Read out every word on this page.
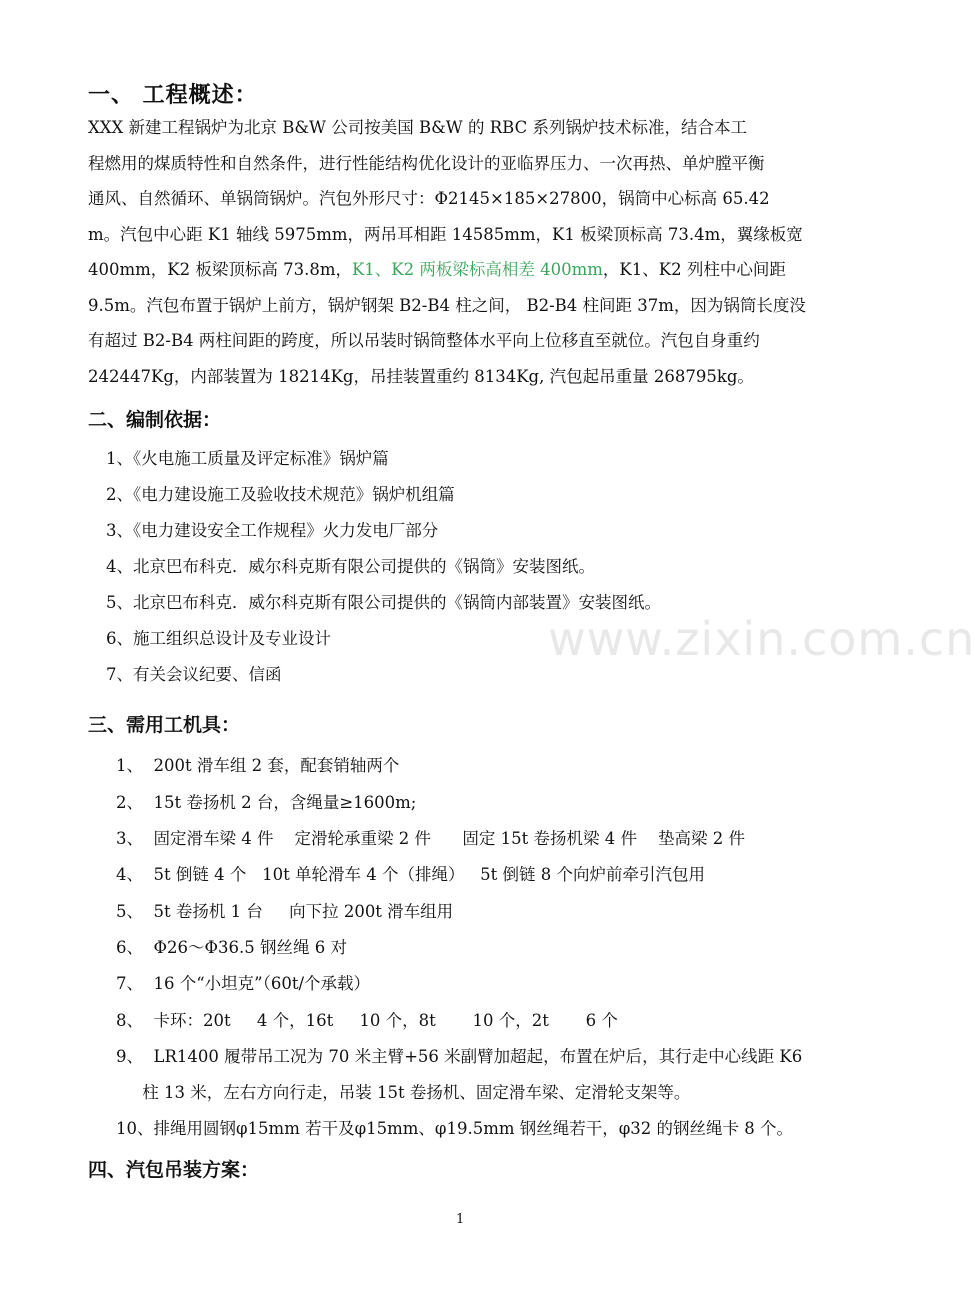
一、 工程概述：
XXX 新建工程锅炉为北京 B&W 公司按美国 B&W 的 RBC 系列锅炉技术标准，结合本工
程燃用的煤质特性和自然条件，进行性能结构优化设计的亚临界压力、一次再热、单炉膛平衡
通风、自然循环、单锅筒锅炉。汽包外形尺寸：Φ2145×185×27800，锅筒中心标高 65.42
m。汽包中心距 K1 轴线 5975mm，两吊耳相距 14585mm，K1 板梁顶标高 73.4m，翼缘板宽
400mm，K2 板梁顶标高 73.8m，K1、K2 两板梁标高相差 400mm，K1、K2 列柱中心间距
9.5m。汽包布置于锅炉上前方，锅炉钢架 B2-B4 柱之间， B2-B4 柱间距 37m，因为锅筒长度没
有超过 B2-B4 两柱间距的跨度，所以吊装时锅筒整体水平向上位移直至就位。汽包自身重约
242447Kg，内部装置为 18214Kg，吊挂装置重约 8134Kg, 汽包起吊重量 268795kg。
二、编制依据：
1、《火电施工质量及评定标准》锅炉篇
2、《电力建设施工及验收技术规范》锅炉机组篇
3、《电力建设安全工作规程》火力发电厂部分
4、北京巴布科克．威尔科克斯有限公司提供的《锅筒》安装图纸。
5、北京巴布科克．威尔科克斯有限公司提供的《锅筒内部装置》安装图纸。
6、施工组织总设计及专业设计
7、有关会议纪要、信函
三、需用工机具：
1、  200t 滑车组 2 套，配套销轴两个
2、  15t 卷扬机 2 台，含绳量≥1600m;
3、  固定滑车梁 4 件    定滑轮承重梁 2 件      固定 15t 卷扬机梁 4 件    垫高梁 2 件
4、  5t 倒链 4 个   10t 单轮滑车 4 个（排绳）   5t 倒链 8 个向炉前牵引汽包用
5、  5t 卷扬机 1 台     向下拉 200t 滑车组用
6、  Φ26～Φ36.5 钢丝绳 6 对
7、  16 个“小坦克”（60t/个承载）
8、  卡环：20t     4 个，16t     10 个，8t       10 个，2t       6 个
9、  LR1400 履带吊工况为 70 米主臂+56 米副臂加超起，布置在炉后，其行走中心线距 K6
柱 13 米，左右方向行走，吊装 15t 卷扬机、固定滑车梁、定滑轮支架等。
10、排绳用圆钢φ15mm 若干及φ15mm、φ19.5mm 钢丝绳若干，φ32 的钢丝绳卡 8 个。
四、汽包吊装方案：
www.zixin.com.cn
1
